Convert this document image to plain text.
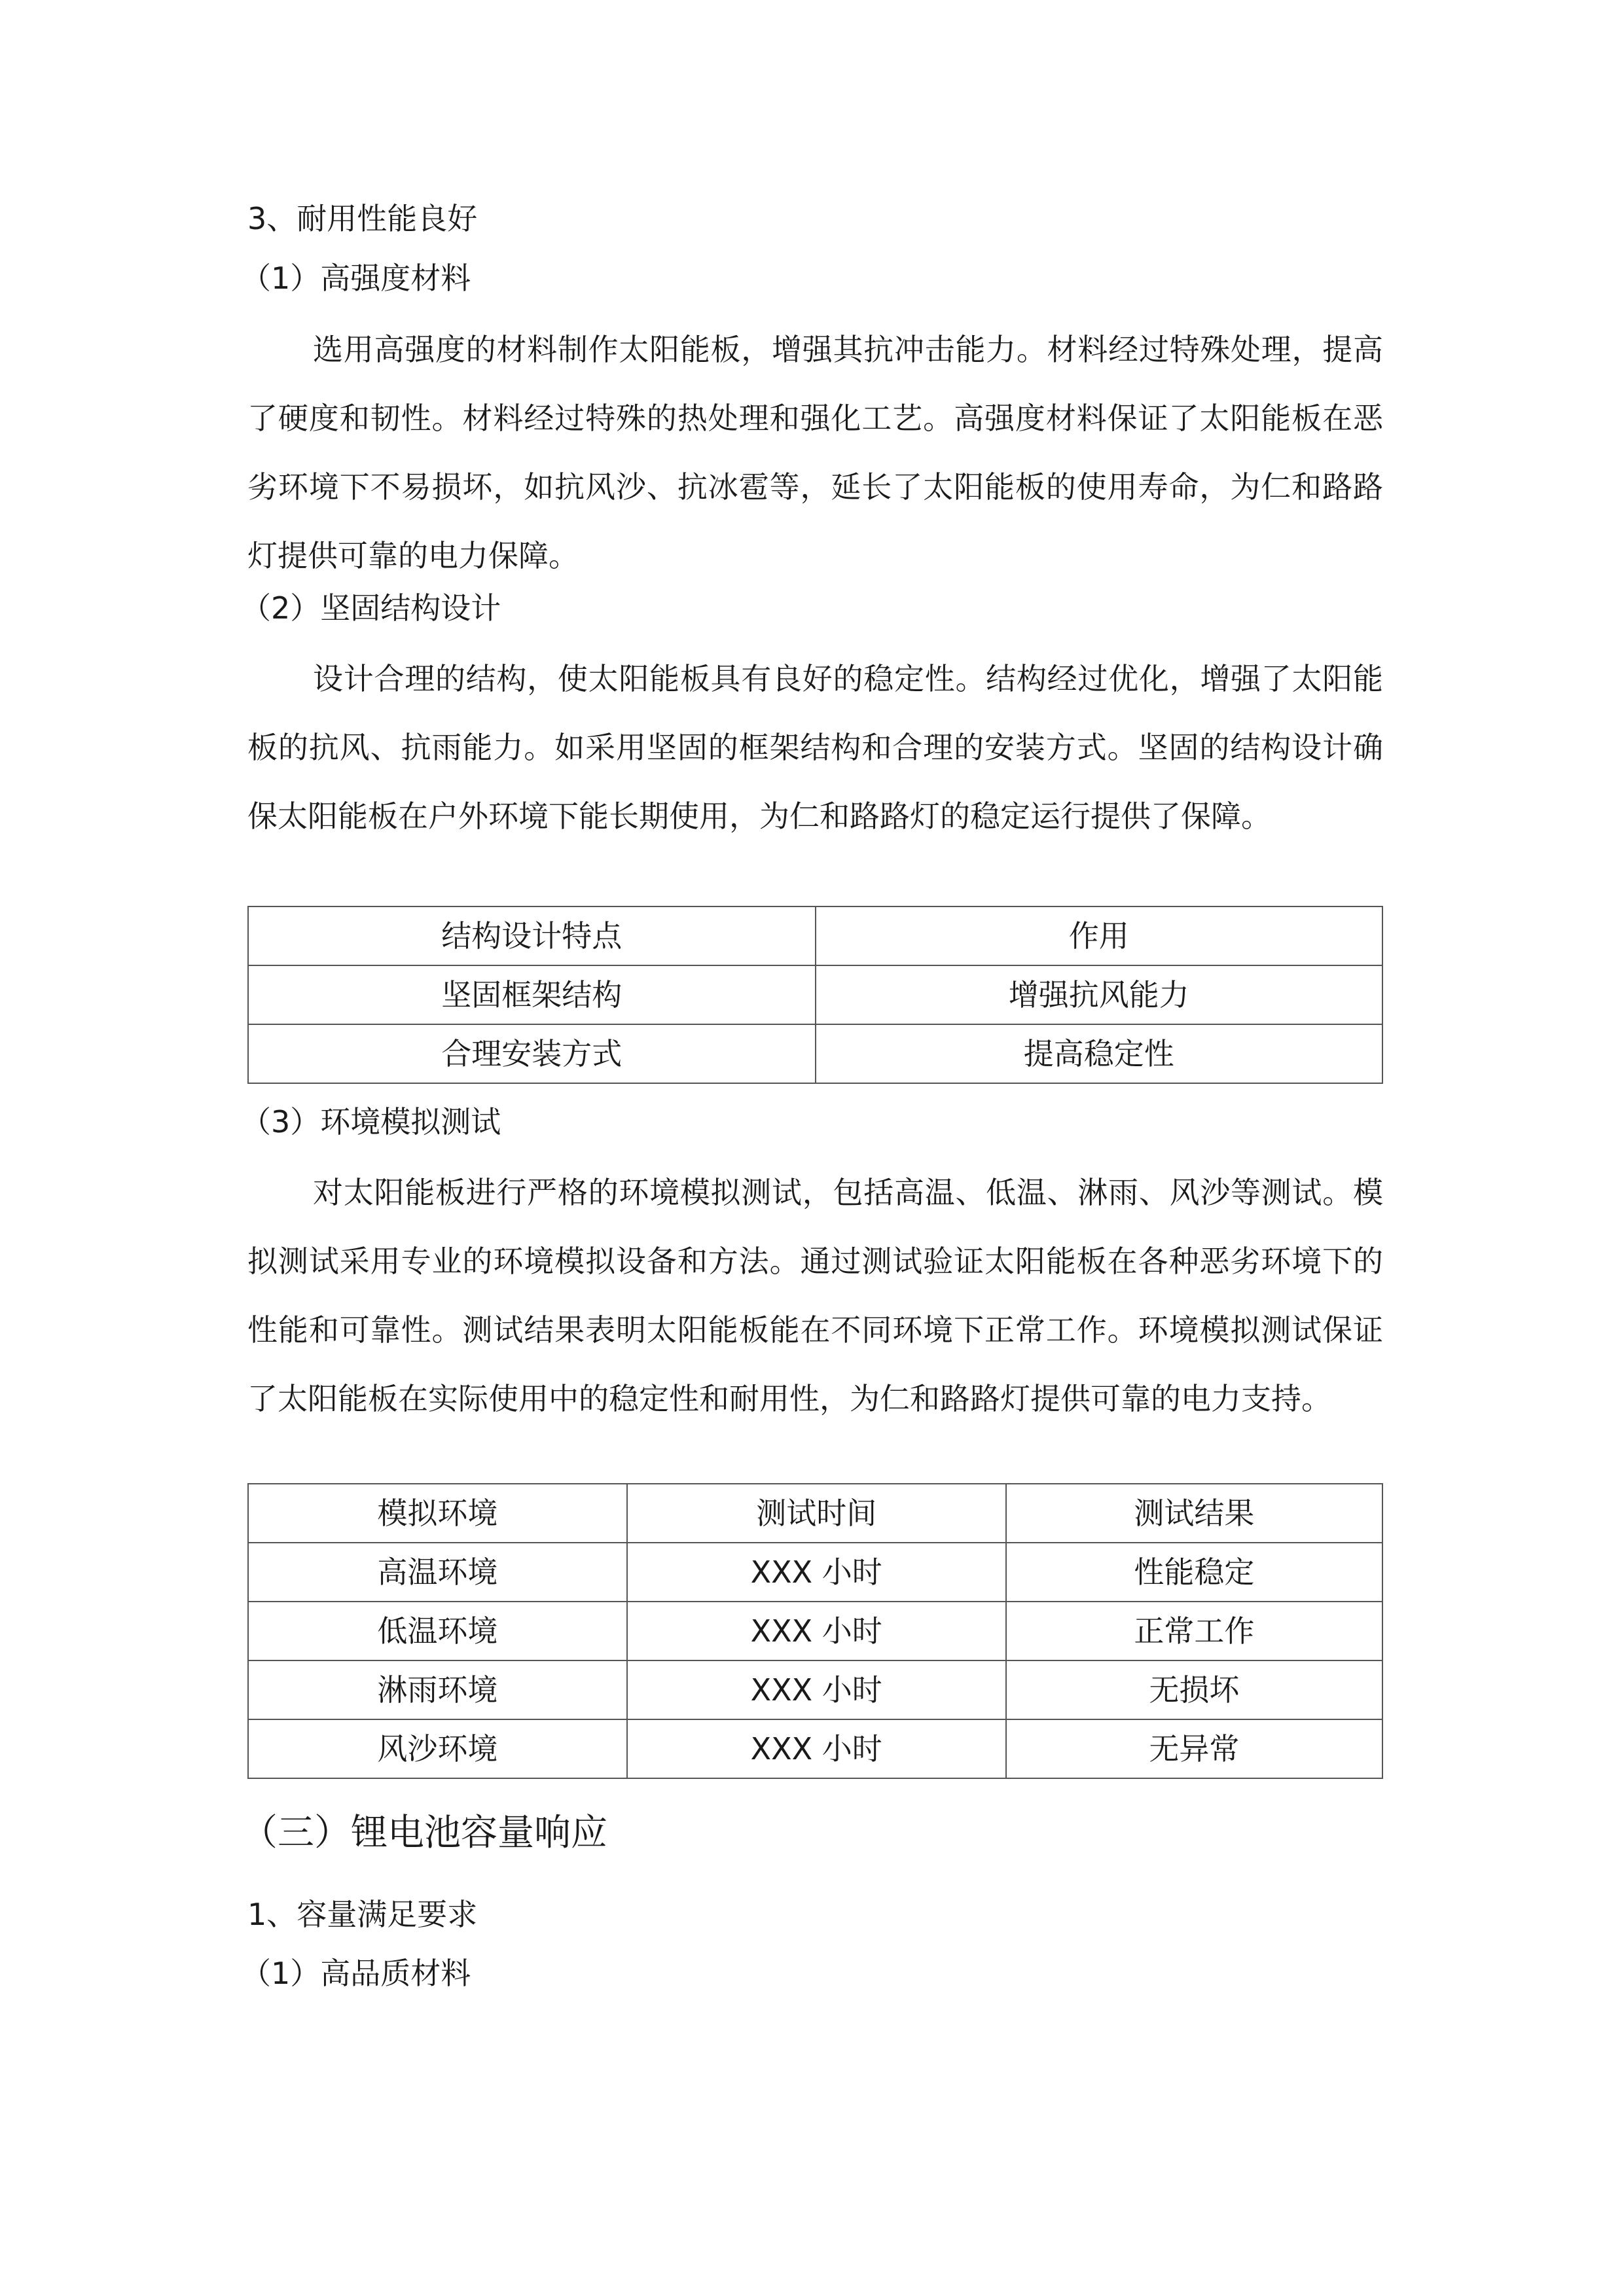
3、耐用性能良好
（1）高强度材料

选用高强度的材料制作太阳能板，增强其抗冲击能力。材料经过特殊处理，提高了硬度和韧性。材料经过特殊的热处理和强化工艺。高强度材料保证了太阳能板在恶劣环境下不易损坏，如抗风沙、抗冰雹等，延长了太阳能板的使用寿命，为仁和路路灯提供可靠的电力保障。

（2）坚固结构设计

设计合理的结构，使太阳能板具有良好的稳定性。结构经过优化，增强了太阳能板的抗风、抗雨能力。如采用坚固的框架结构和合理的安装方式。坚固的结构设计确保太阳能板在户外环境下能长期使用，为仁和路路灯的稳定运行提供了保障。

结构设计特点	作用
坚固框架结构	增强抗风能力
合理安装方式	提高稳定性
（3）环境模拟测试

对太阳能板进行严格的环境模拟测试，包括高温、低温、淋雨、风沙等测试。模拟测试采用专业的环境模拟设备和方法。通过测试验证太阳能板在各种恶劣环境下的性能和可靠性。测试结果表明太阳能板能在不同环境下正常工作。环境模拟测试保证了太阳能板在实际使用中的稳定性和耐用性，为仁和路路灯提供可靠的电力支持。

模拟环境	测试时间	测试结果
高温环境	XXX 小时	性能稳定
低温环境	XXX 小时	正常工作
淋雨环境	XXX 小时	无损坏
风沙环境	XXX 小时	无异常
（三）锂电池容量响应
1、容量满足要求
（1）高品质材料
